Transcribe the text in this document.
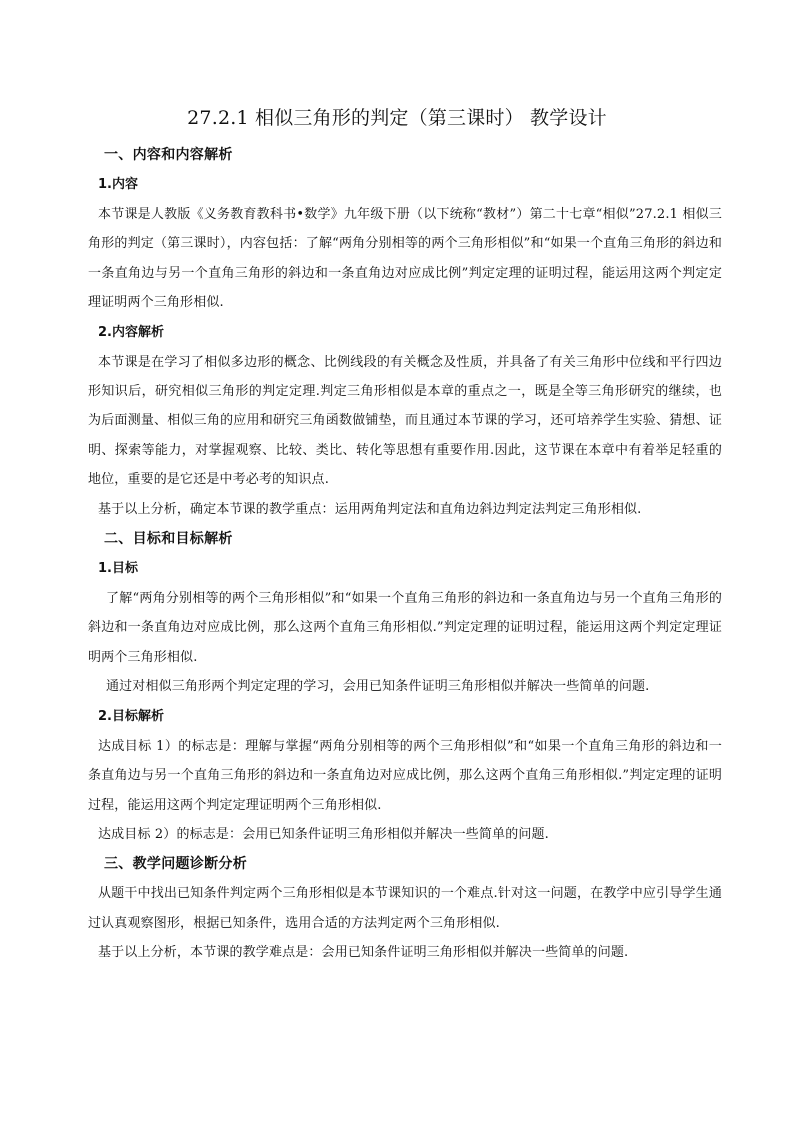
27.2.1 相似三角形的判定（第三课时） 教学设计
一、内容和内容解析
1.内容

本节课是人教版《义务教育教科书•数学》九年级下册（以下统称“教材”）第二十七章“相似”27.2.1 相似三角形的判定（第三课时），内容包括：了解“两角分别相等的两个三角形相似”和“如果一个直角三角形的斜边和一条直角边与另一个直角三角形的斜边和一条直角边对应成比例”判定定理的证明过程，能运用这两个判定定理证明两个三角形相似.

2.内容解析

本节课是在学习了相似多边形的概念、比例线段的有关概念及性质，并具备了有关三角形中位线和平行四边形知识后，研究相似三角形的判定定理.判定三角形相似是本章的重点之一，既是全等三角形研究的继续，也为后面测量、相似三角的应用和研究三角函数做铺垫，而且通过本节课的学习，还可培养学生实验、猜想、证明、探索等能力，对掌握观察、比较、类比、转化等思想有重要作用.因此，这节课在本章中有着举足轻重的地位，重要的是它还是中考必考的知识点.

基于以上分析，确定本节课的教学重点：运用两角判定法和直角边斜边判定法判定三角形相似.

二、目标和目标解析
1.目标

了解“两角分别相等的两个三角形相似”和“如果一个直角三角形的斜边和一条直角边与另一个直角三角形的斜边和一条直角边对应成比例，那么这两个直角三角形相似.”判定定理的证明过程，能运用这两个判定定理证明两个三角形相似.

通过对相似三角形两个判定定理的学习，会用已知条件证明三角形相似并解决一些简单的问题.

2.目标解析

达成目标 1）的标志是：理解与掌握“两角分别相等的两个三角形相似”和“如果一个直角三角形的斜边和一条直角边与另一个直角三角形的斜边和一条直角边对应成比例，那么这两个直角三角形相似.”判定定理的证明过程，能运用这两个判定定理证明两个三角形相似.

达成目标 2）的标志是：会用已知条件证明三角形相似并解决一些简单的问题.

三、教学问题诊断分析

从题干中找出已知条件判定两个三角形相似是本节课知识的一个难点.针对这一问题，在教学中应引导学生通过认真观察图形，根据已知条件，选用合适的方法判定两个三角形相似.

基于以上分析，本节课的教学难点是：会用已知条件证明三角形相似并解决一些简单的问题.
